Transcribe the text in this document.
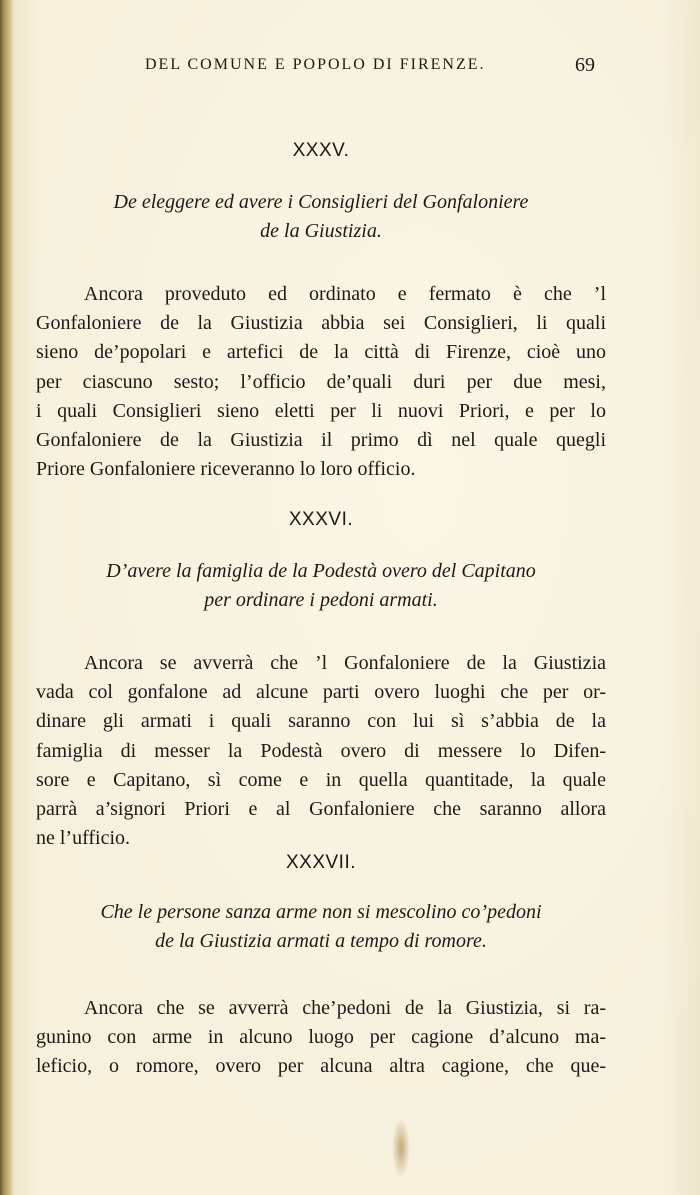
DEL COMUNE E POPOLO DI FIRENZE.	69
XXXV.
De eleggere ed avere i Consiglieri del Gonfaloniere
de la Giustizia.
Ancora proveduto ed ordinato e fermato è che ’l
Gonfaloniere de la Giustizia abbia sei Consiglieri, li quali
sieno de’popolari e artefici de la città di Firenze, cioè uno
per ciascuno sesto; l’officio de’quali duri per due mesi,
i quali Consiglieri sieno eletti per li nuovi Priori, e per lo
Gonfaloniere de la Giustizia il primo dì nel quale quegli
Priore Gonfaloniere riceveranno lo loro officio.
XXXVI.
D’avere la famiglia de la Podestà overo del Capitano
per ordinare i pedoni armati.
Ancora se avverrà che ’l Gonfaloniere de la Giustizia
vada col gonfalone ad alcune parti overo luoghi che per or-
dinare gli armati i quali saranno con lui sì s’abbia de la
famiglia di messer la Podestà overo di messere lo Difen-
sore e Capitano, sì come e in quella quantitade, la quale
parrà a’signori Priori e al Gonfaloniere che saranno allora
ne l’ufficio.
XXXVII.
Che le persone sanza arme non si mescolino co’pedoni
de la Giustizia armati a tempo di romore.
Ancora che se avverrà che’pedoni de la Giustizia, si ra-
gunino con arme in alcuno luogo per cagione d’alcuno ma-
leficio, o romore, overo per alcuna altra cagione, che que-
